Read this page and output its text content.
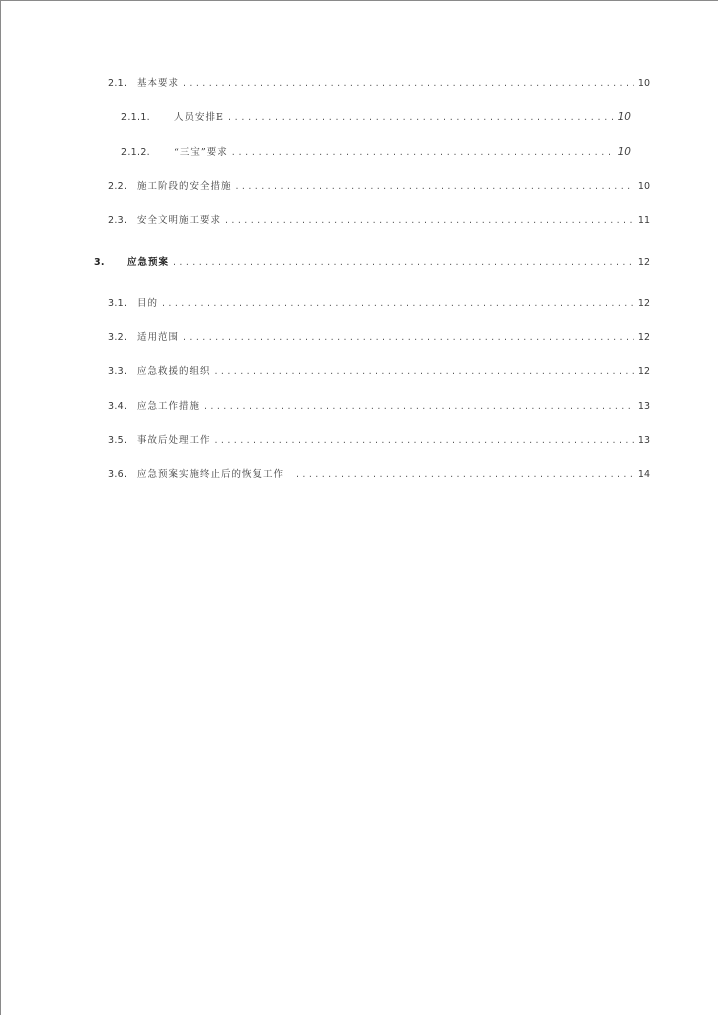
2.1.	基本要求 .....	10
2.1.1.	人员安排E .....	10
2.1.2.	“三宝”要求 .....	10
2.2.	施工阶段的安全措施 .....	10
2.3.	安全文明施工要求 .....	11
3.	应急预案 .....	12
3.1.	目的 .....	12
3.2.	适用范围 .....	12
3.3.	应急救援的组织 .....	12
3.4.	应急工作措施 .....	13
3.5.	事故后处理工作 .....	13
3.6.	应急预案实施终止后的恢复工作 .....	14
